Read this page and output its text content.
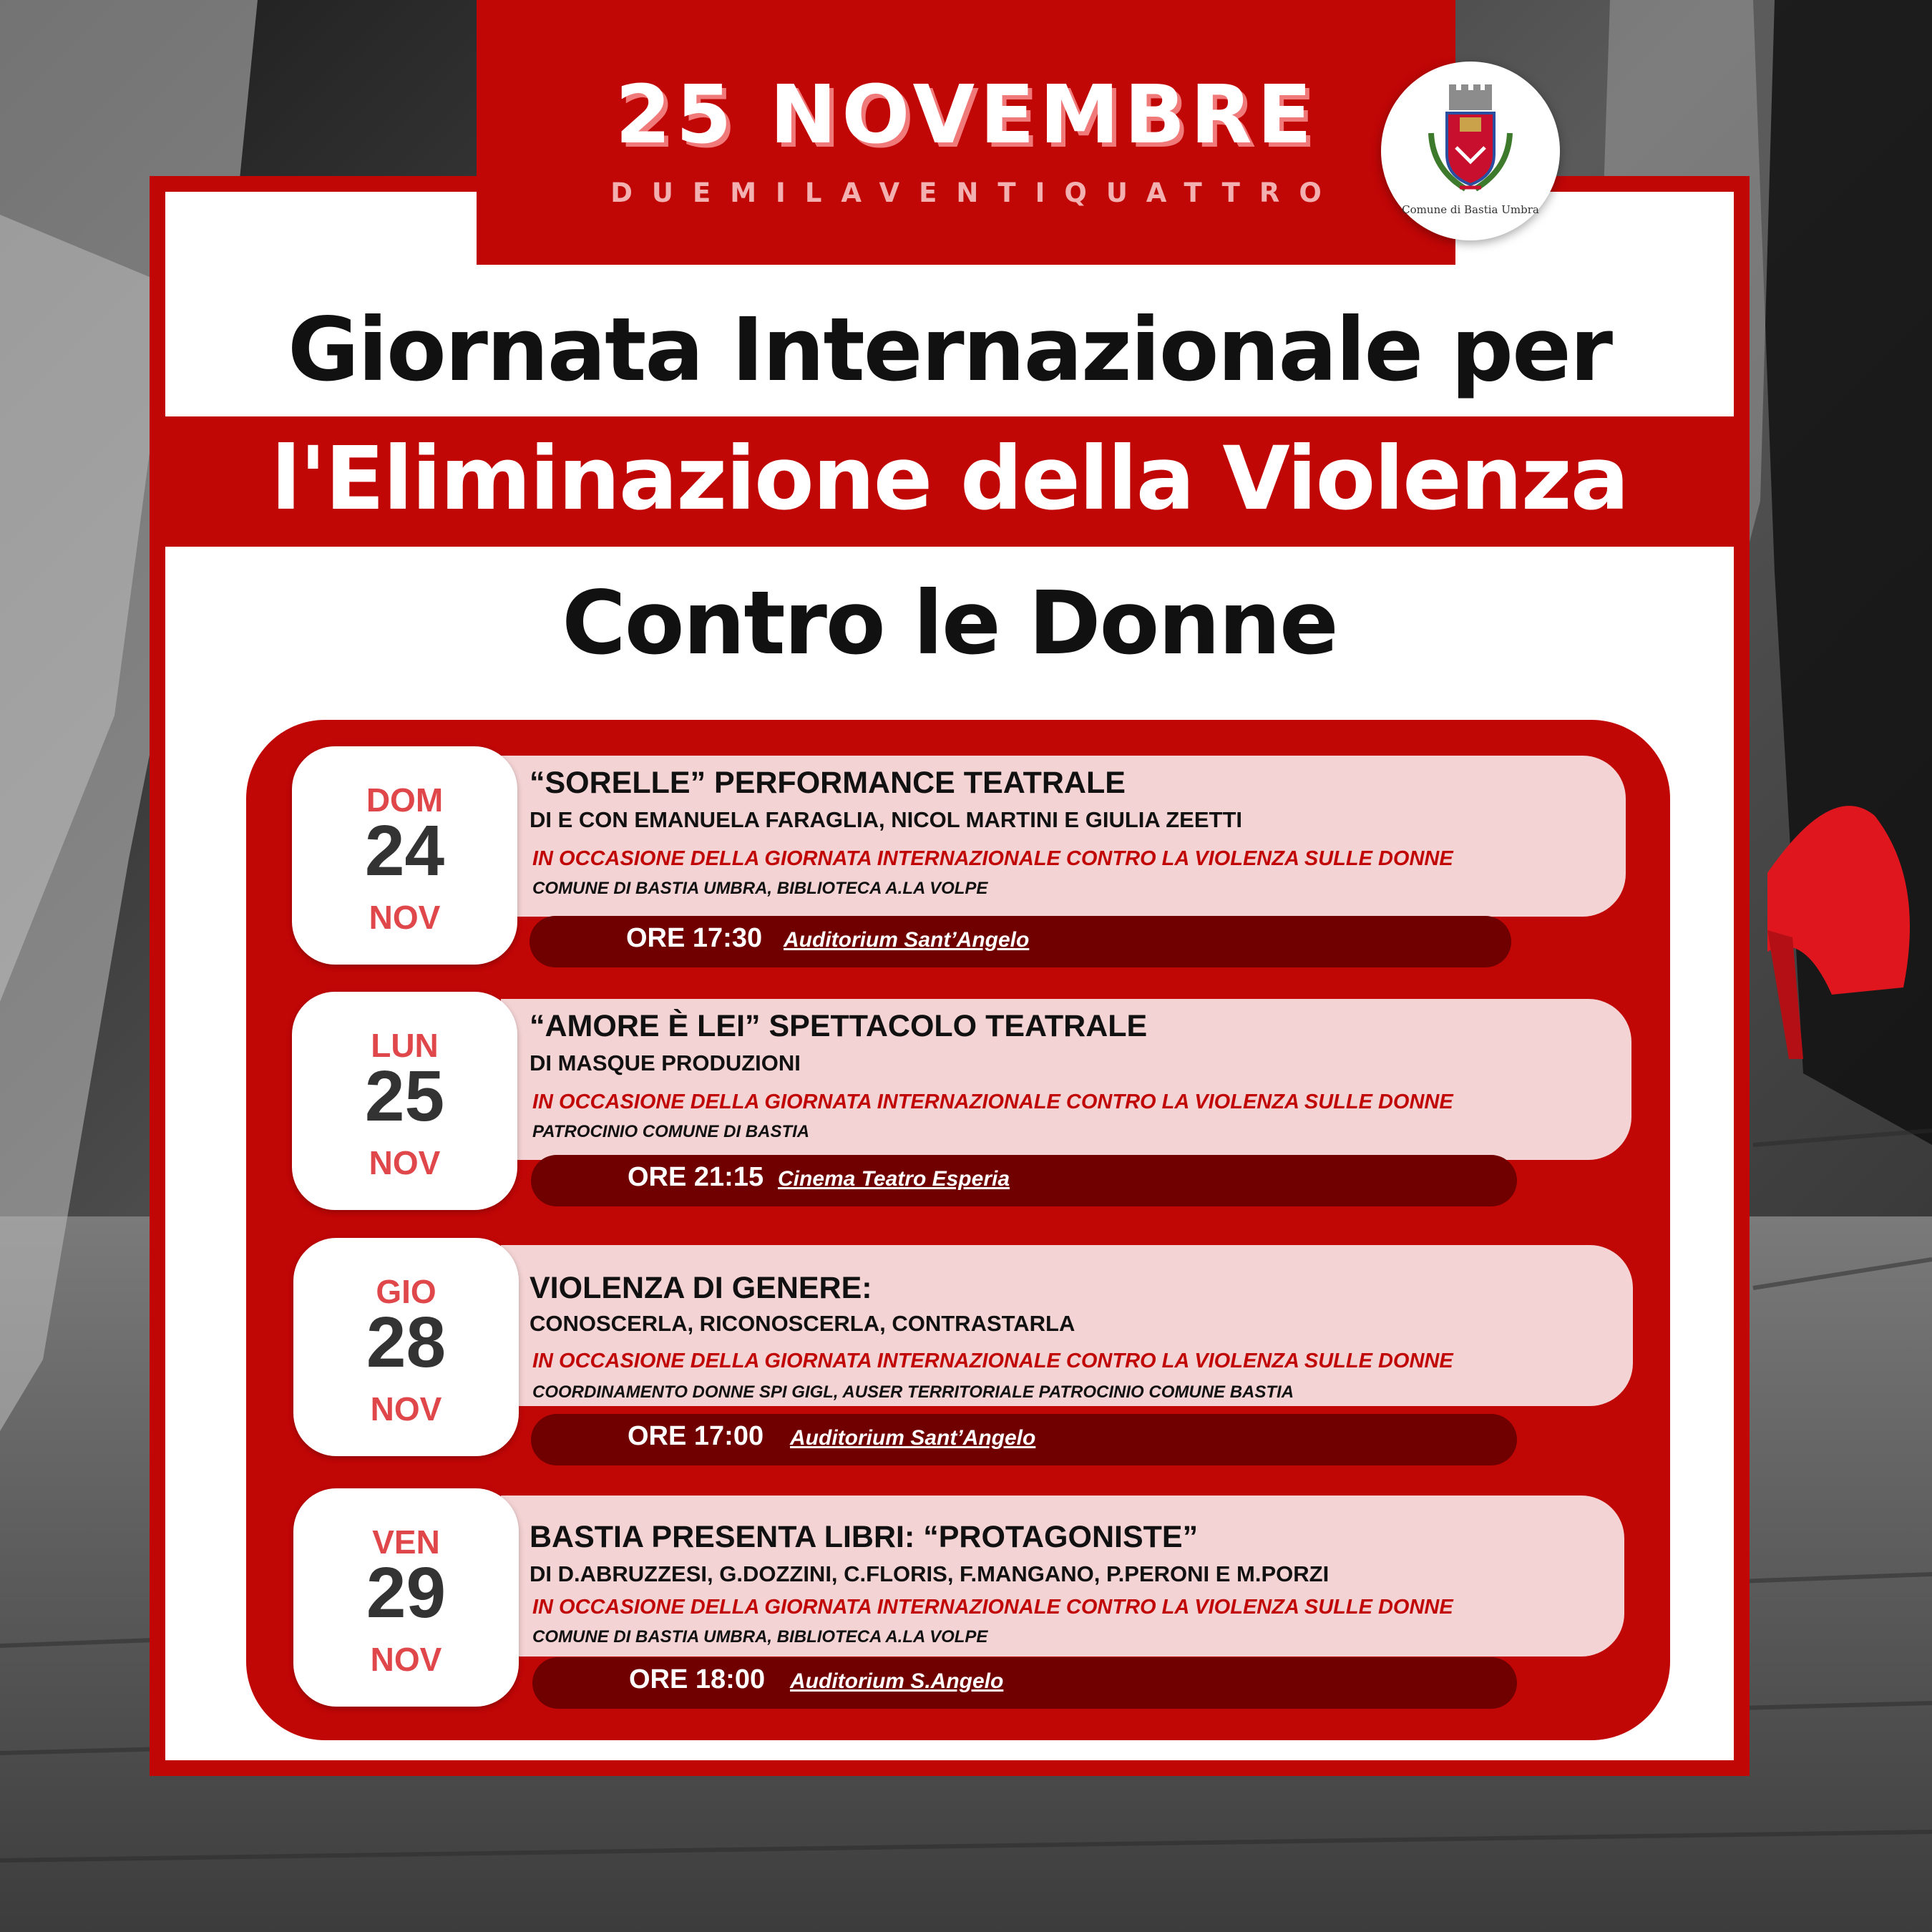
25 NOVEMBRE
DUEMILAVENTIQUATTRO
Comune di Bastia Umbra
Giornata Internazionale per
l'Eliminazione della Violenza
Contro le Donne
“SORELLE” PERFORMANCE TEATRALE
DI E CON EMANUELA FARAGLIA, NICOL MARTINI E GIULIA ZEETTI
IN OCCASIONE DELLA GIORNATA INTERNAZIONALE CONTRO LA VIOLENZA SULLE DONNE
COMUNE DI BASTIA UMBRA, BIBLIOTECA A.LA VOLPE
ORE 17:30 Auditorium Sant’Angelo
DOM
24
NOV
“AMORE È LEI” SPETTACOLO TEATRALE
DI MASQUE PRODUZIONI
IN OCCASIONE DELLA GIORNATA INTERNAZIONALE CONTRO LA VIOLENZA SULLE DONNE
PATROCINIO COMUNE DI BASTIA
ORE 21:15 Cinema Teatro Esperia
LUN
25
NOV
VIOLENZA DI GENERE:
CONOSCERLA, RICONOSCERLA, CONTRASTARLA
IN OCCASIONE DELLA GIORNATA INTERNAZIONALE CONTRO LA VIOLENZA SULLE DONNE
COORDINAMENTO DONNE SPI GIGL, AUSER TERRITORIALE PATROCINIO COMUNE BASTIA
ORE 17:00 Auditorium Sant’Angelo
GIO
28
NOV
BASTIA PRESENTA LIBRI: “PROTAGONISTE”
DI D.ABRUZZESI, G.DOZZINI, C.FLORIS, F.MANGANO, P.PERONI E M.PORZI
IN OCCASIONE DELLA GIORNATA INTERNAZIONALE CONTRO LA VIOLENZA SULLE DONNE
COMUNE DI BASTIA UMBRA, BIBLIOTECA A.LA VOLPE
ORE 18:00 Auditorium S.Angelo
VEN
29
NOV
